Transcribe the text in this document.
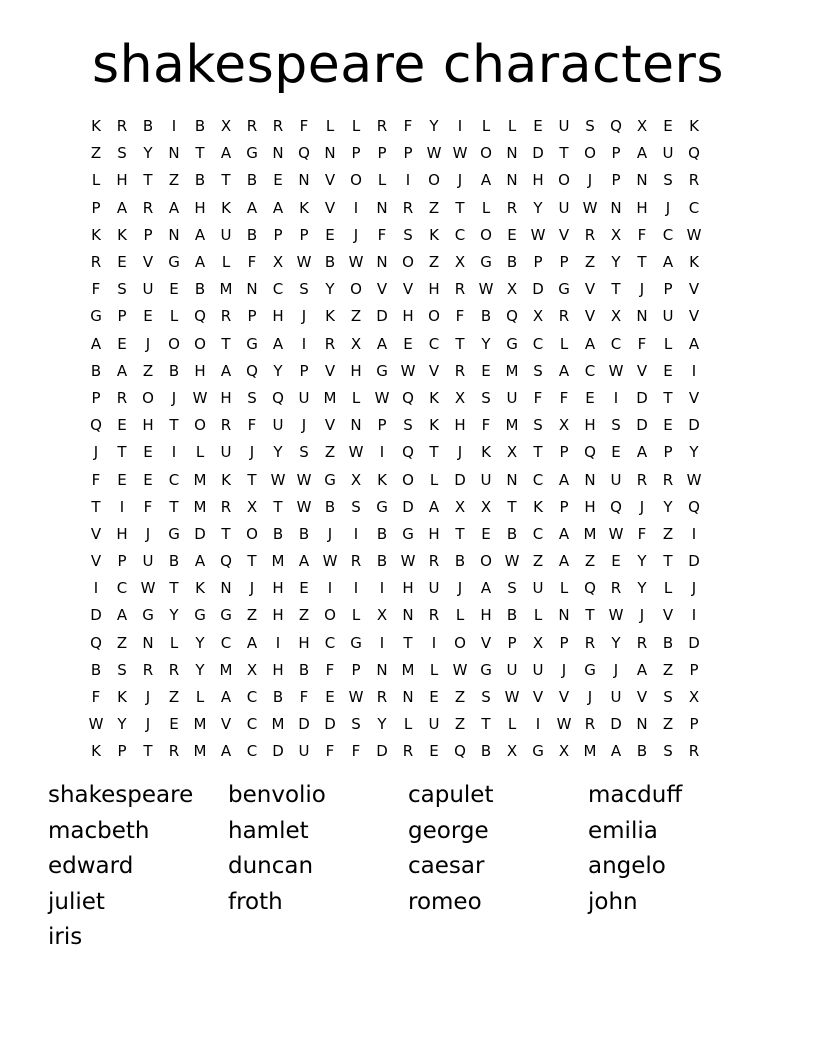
shakespeare characters
K	R	B	I	B	X	R	R	F	L	L	R	F	Y	I	L	L	E	U	S	Q X	E	K
Z	S	Y	N	T	A	G N Q N	P	P	P W W O N D	T	O	P	A	U Q
L	H	T	Z	B	T	B	E	N	V O	L	I	O	J	A	N H O	J	P	N	S	R
P	A	R	A	H	K	A	A	K	V	I	N	R	Z	T	L	R	Y	U W N H	J	C
K	K	P	N	A	U	B	P	P	E	J	F	S	K	C O	E W V	R	X	F	C W
R	E	V	G	A	L	F	X W B W N O Z	X	G	B	P	P	Z	Y	T	A	K
F	S	U	E	B M N	C	S	Y	O V	V	H	R W X	D G	V	T	J	P	V
G	P	E	L	Q R	P	H	J	K	Z	D H O	F	B Q X	R	V	X	N U	V
A	E	J	O O	T	G	A	I	R	X	A	E	C	T	Y	G C	L	A	C	F	L	A
B	A	Z	B	H	A Q	Y	P	V	H G W V	R	E M S	A	C W V	E	I
P	R O	J	W H	S	Q U M	L W Q	K	X	S	U	F	F	E	I	D	T	V
Q	E	H	T	O R	F	U	J	V	N	P	S	K	H	F	M S	X	H	S	D	E	D
J	T	E	I	L	U	J	Y	S	Z W	I	Q	T	J	K	X	T	P	Q	E	A	P	Y
F	E	E	C M K	T W W G	X	K	O	L	D U N	C	A	N U	R	R W
T	I	F	T M R	X	T W B	S	G D	A	X	X	T	K	P	H Q	J	Y	Q
V	H	J	G D	T	O B	B	J	I	B	G H	T	E	B	C	A M W F	Z	I
V	P	U	B	A Q	T M A W R	B W R	B O W Z	A	Z	E	Y	T	D
I	C W T	K	N	J	H	E	I	I	I	H U	J	A	S	U	L	Q R	Y	L	J
D	A	G	Y	G G	Z	H	Z O	L	X	N	R	L	H	B	L	N	T W	J	V	I
Q Z	N	L	Y	C	A	I	H	C G	I	T	I	O V	P	X	P	R	Y	R	B	D
B	S	R	R	Y M X	H	B	F	P	N M	L W G U	U	J	G	J	A	Z	P
F	K	J	Z	L	A	C	B	F	E W R	N	E	Z	S W V	V	J	U	V	S	X
W Y	J	E M V	C M D D	S	Y	L	U	Z	T	L	I	W R	D N	Z	P
K	P	T	R M A	C D U	F	F	D	R	E	Q B	X	G	X M A	B	S	R
shakespeare	benvolio	capulet	macduff
macbeth	hamlet	george	emilia
edward	duncan	caesar	angelo
juliet	froth	romeo	john
iris
